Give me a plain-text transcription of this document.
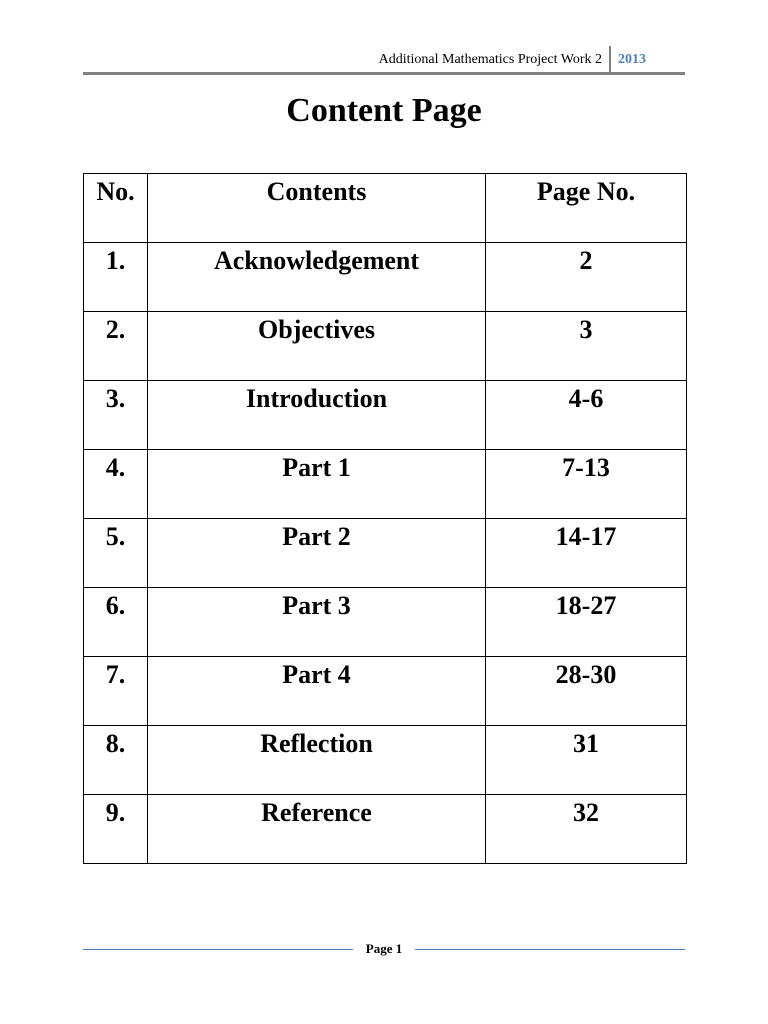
Additional Mathematics Project Work 2 2013
Content Page
No.	Contents	Page No.
1.	Acknowledgement	2
2.	Objectives	3
3.	Introduction	4-6
4.	Part 1	7-13
5.	Part 2	14-17
6.	Part 3	18-27
7.	Part 4	28-30
8.	Reflection	31
9.	Reference	32
Page 1
